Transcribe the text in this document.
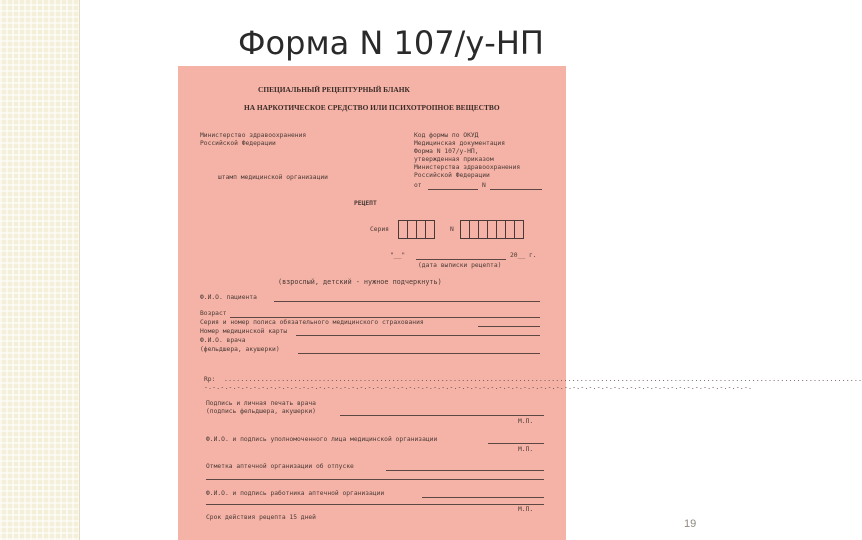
Форма N 107/у-НП
СПЕЦИАЛЬНЫЙ РЕЦЕПТУРНЫЙ БЛАНК
НА НАРКОТИЧЕСКОЕ СРЕДСТВО ИЛИ ПСИХОТРОПНОЕ ВЕЩЕСТВО
Министерство здравоохранения
Российской Федерации
штамп медицинской организации
Код формы по ОКУД
Медицинская документация
Форма N 107/у-НП,
утвержденная приказом
Министерства здравоохранения
Российской Федерации
от	N
РЕЦЕПТ
Серия	N
"__"	20__ г.
(дата выписки рецепта)
(взрослый, детский - нужное подчеркнуть)
Ф.И.О. пациента
Возраст
Серия и номер полиса обязательного медицинского страхования
Номер медицинской карты
Ф.И.О. врача
(фельдшера, акушерки)
Rp: ............................................................................................................................................................
-.-.-.-.-.-.-.-.-.-.-.-.-.-.-.-.-.-.-.-.-.-.-.-.-.-.-.-.-.-.-.-.-.-.-.-.-.-.-.-.-.-.-.-.-.-.-.-.-.-.-.-.-.-.-.-.-.-.-.-.-.-.-.-.-.-.-.
Подпись и личная печать врача
(подпись фельдшера, акушерки)
М.П.
Ф.И.О. и подпись уполномоченного лица медицинской организации
М.П.
Отметка аптечной организации об отпуске
Ф.И.О. и подпись работника аптечной организации
М.П.
Срок действия рецепта 15 дней
19
